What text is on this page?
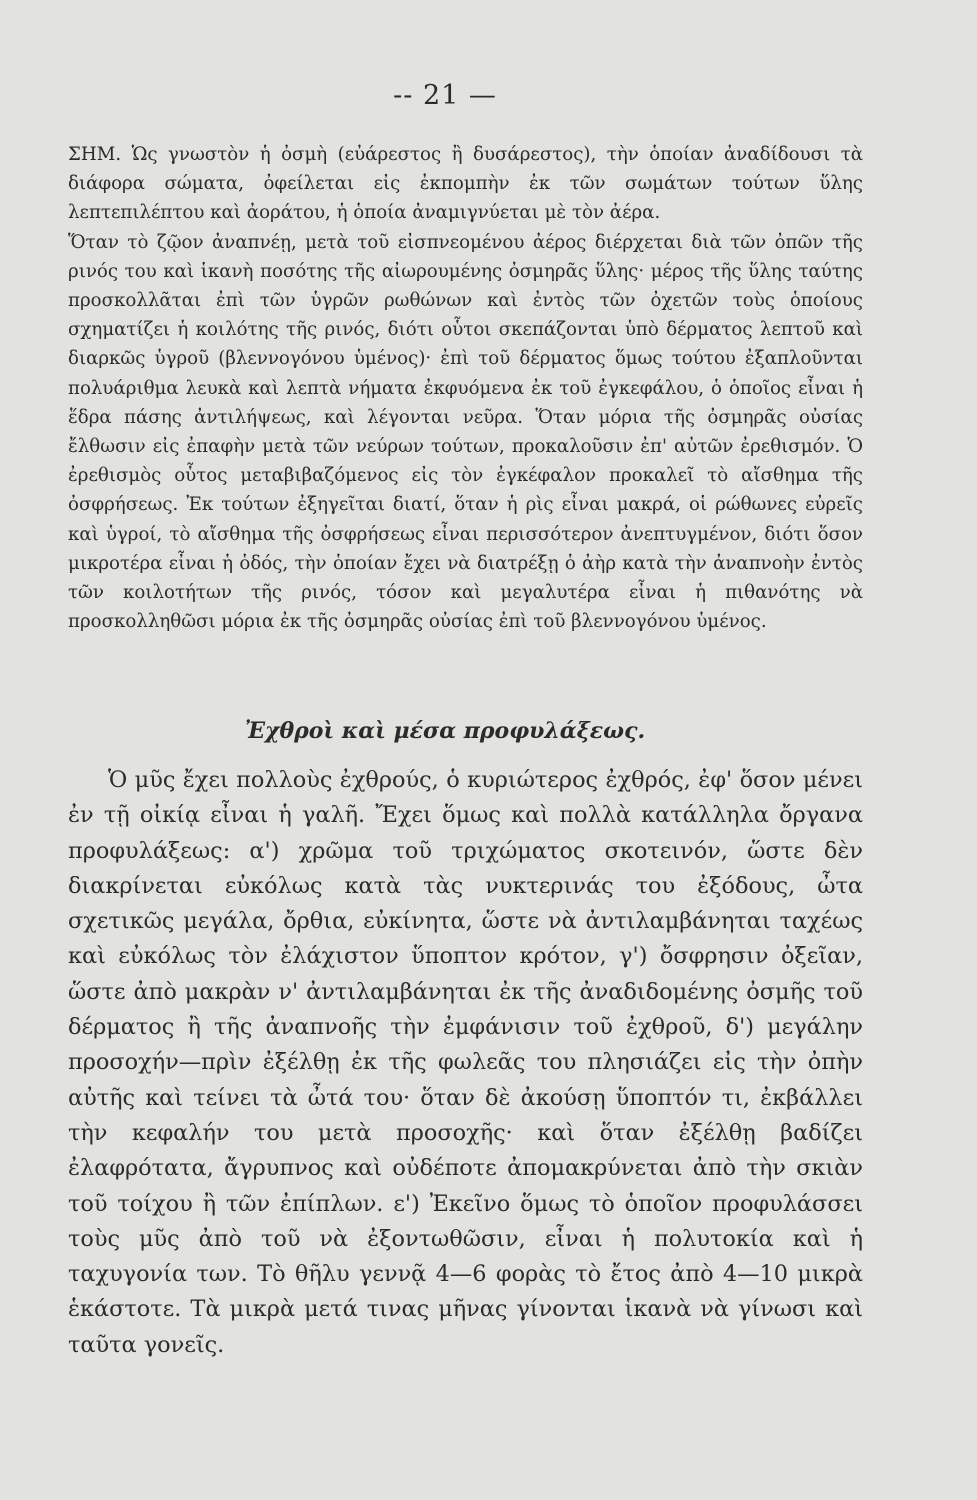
-- 21 —

ΣΗΜ. Ὡς γνωστὸν ἡ ὀσμὴ (εὐάρεστος ἢ δυσάρεστος), τὴν ὁποίαν ἀναδίδουσι τὰ διάφορα σώματα, ὀφείλεται εἰς ἐκπομπὴν ἐκ τῶν σωμάτων τούτων ὕλης λεπτεπιλέπτου καὶ ἀοράτου, ἡ ὁποία ἀναμιγνύεται μὲ τὸν ἀέρα.

Ὅταν τὸ ζῷον ἀναπνέῃ, μετὰ τοῦ εἰσπνεομένου ἀέρος διέρχεται διὰ τῶν ὀπῶν τῆς ρινός του καὶ ἱκανὴ ποσότης τῆς αἰωρουμένης ὀσμηρᾶς ὕλης· μέρος τῆς ὕλης ταύτης προσκολλᾶται ἐπὶ τῶν ὑγρῶν ρωθώνων καὶ ἐντὸς τῶν ὀχετῶν τοὺς ὁποίους σχηματίζει ἡ κοιλότης τῆς ρινός, διότι οὗτοι σκεπάζονται ὑπὸ δέρματος λεπτοῦ καὶ διαρκῶς ὑγροῦ (βλεννογόνου ὑμένος)· ἐπὶ τοῦ δέρματος ὅμως τούτου ἐξαπλοῦνται πολυάριθμα λευκὰ καὶ λεπτὰ νήματα ἐκφυόμενα ἐκ τοῦ ἐγκεφάλου, ὁ ὁποῖος εἶναι ἡ ἕδρα πάσης ἀντιλήψεως, καὶ λέγονται νεῦρα. Ὅταν μόρια τῆς ὀσμηρᾶς οὐσίας ἔλθωσιν εἰς ἐπαφὴν μετὰ τῶν νεύρων τούτων, προκαλοῦσιν ἐπ' αὐτῶν ἐρεθισμόν. Ὁ ἐρεθισμὸς οὗτος μεταβιβαζόμενος εἰς τὸν ἐγκέφαλον προκαλεῖ τὸ αἴσθημα τῆς ὀσφρήσεως. Ἐκ τούτων ἐξηγεῖται διατί, ὅταν ἡ ρὶς εἶναι μακρά, οἱ ρώθωνες εὐρεῖς καὶ ὑγροί, τὸ αἴσθημα τῆς ὀσφρήσεως εἶναι περισσότερον ἀνεπτυγμένον, διότι ὅσον μικροτέρα εἶναι ἡ ὁδός, τὴν ὁποίαν ἔχει νὰ διατρέξῃ ὁ ἀὴρ κατὰ τὴν ἀναπνοὴν ἐντὸς τῶν κοιλοτήτων τῆς ρινός, τόσον καὶ μεγαλυτέρα εἶναι ἡ πιθανότης νὰ προσκολληθῶσι μόρια ἐκ τῆς ὀσμηρᾶς οὐσίας ἐπὶ τοῦ βλεννογόνου ὑμένος.

Ἐχθροὶ καὶ μέσα προφυλάξεως.

Ὁ μῦς ἔχει πολλοὺς ἐχθρούς, ὁ κυριώτερος ἐχθρός, ἐφ' ὅσον μένει ἐν τῇ οἰκίᾳ εἶναι ἡ γαλῆ. Ἔχει ὅμως καὶ πολλὰ κατάλληλα ὄργανα προφυλάξεως: α') χρῶμα τοῦ τριχώματος σκοτεινόν, ὥστε δὲν διακρίνεται εὐκόλως κατὰ τὰς νυκτερινάς του ἐξόδους, ὦτα σχετικῶς μεγάλα, ὄρθια, εὐκίνητα, ὥστε νὰ ἀντιλαμβάνηται ταχέως καὶ εὐκόλως τὸν ἐλάχιστον ὕποπτον κρότον, γ') ὄσφρησιν ὀξεῖαν, ὥστε ἀπὸ μακρὰν ν' ἀντιλαμβάνηται ἐκ τῆς ἀναδιδομένης ὀσμῆς τοῦ δέρματος ἢ τῆς ἀναπνοῆς τὴν ἐμφάνισιν τοῦ ἐχθροῦ, δ') μεγάλην προσοχήν—πρὶν ἐξέλθῃ ἐκ τῆς φωλεᾶς του πλησιάζει εἰς τὴν ὀπὴν αὐτῆς καὶ τείνει τὰ ὦτά του· ὅταν δὲ ἀκούσῃ ὕποπτόν τι, ἐκβάλλει τὴν κεφαλήν του μετὰ προσοχῆς· καὶ ὅταν ἐξέλθῃ βαδίζει ἐλαφρότατα, ἄγρυπνος καὶ οὐδέποτε ἀπομακρύνεται ἀπὸ τὴν σκιὰν τοῦ τοίχου ἢ τῶν ἐπίπλων. ε') Ἐκεῖνο ὅμως τὸ ὁποῖον προφυλάσσει τοὺς μῦς ἀπὸ τοῦ νὰ ἐξοντωθῶσιν, εἶναι ἡ πολυτοκία καὶ ἡ ταχυγονία των. Τὸ θῆλυ γεννᾷ 4—6 φορὰς τὸ ἔτος ἀπὸ 4—10 μικρὰ ἑκάστοτε. Τὰ μικρὰ μετά τινας μῆνας γίνονται ἱκανὰ νὰ γίνωσι καὶ ταῦτα γονεῖς.
